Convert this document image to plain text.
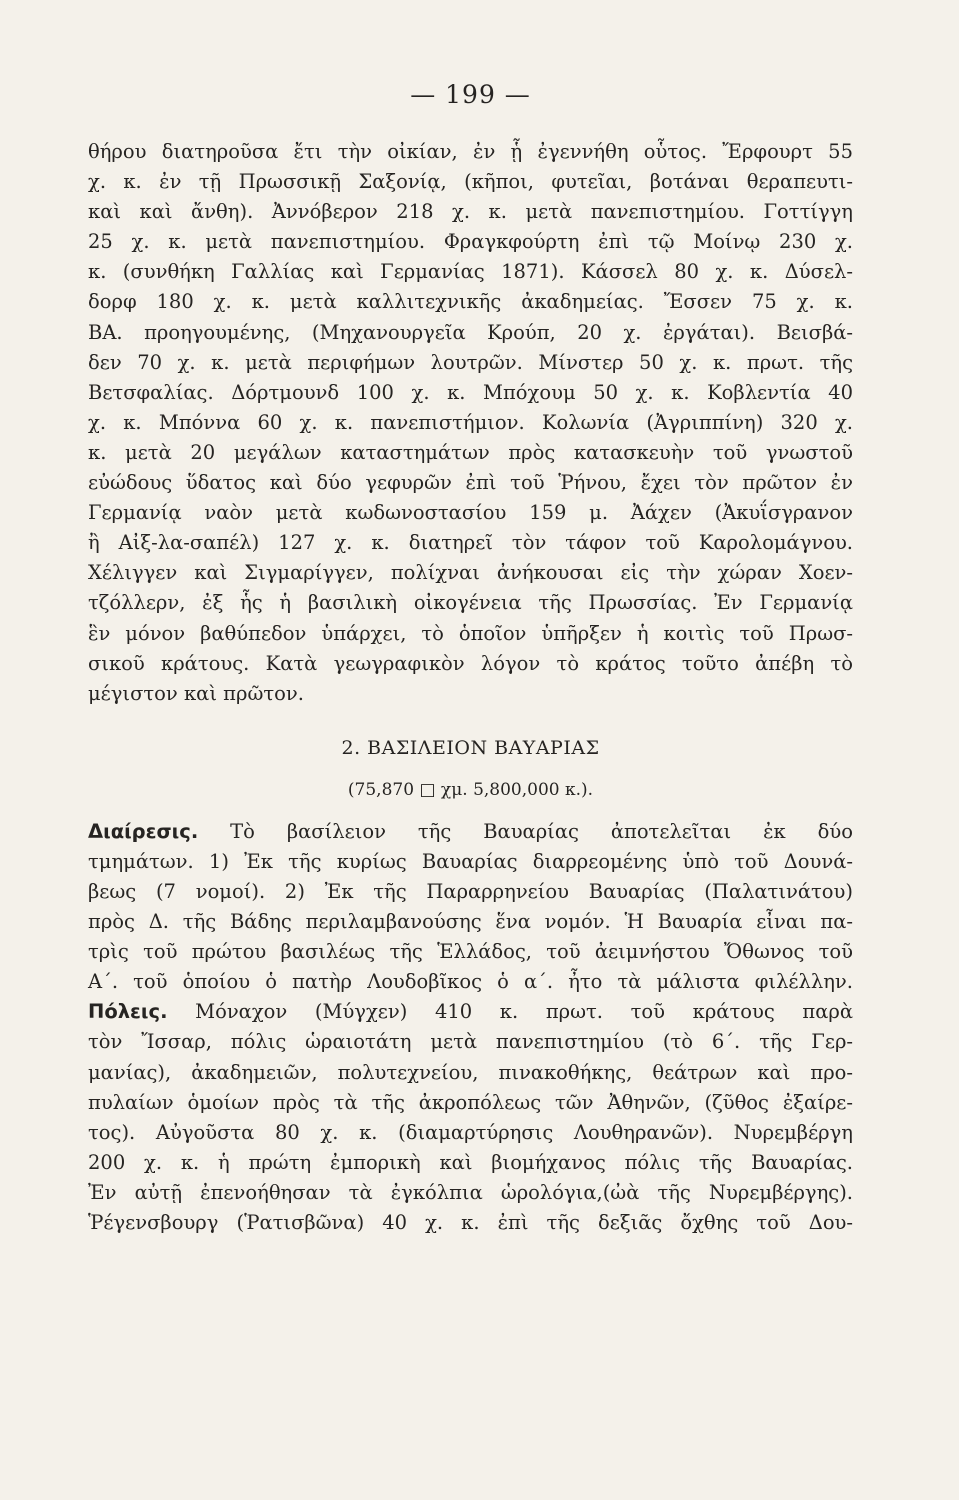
— 199 —
θήρου διατηροῦσα ἔτι τὴν οἰκίαν, ἐν ᾗ ἐγεννήθη οὗτος. Ἔρφουρτ 55
χ. κ. ἐν τῇ Πρωσσικῇ Σαξονίᾳ, (κῆποι, φυτεῖαι, βοτάναι θεραπευτι-
καὶ καὶ ἄνθη). Ἀννόβερον 218 χ. κ. μετὰ πανεπιστημίου. Γοττίγγη
25 χ. κ. μετὰ πανεπιστημίου. Φραγκφούρτη ἐπὶ τῷ Μοίνῳ 230 χ.
κ. (συνθήκη Γαλλίας καὶ Γερμανίας 1871). Κάσσελ 80 χ. κ. Δύσελ-
δορφ 180 χ. κ. μετὰ καλλιτεχνικῆς ἀκαδημείας. Ἔσσεν 75 χ. κ.
ΒΑ. προηγουμένης, (Μηχανουργεῖα Κρούπ, 20 χ. ἐργάται). Βεισβά-
δεν 70 χ. κ. μετὰ περιφήμων λουτρῶν. Μίνστερ 50 χ. κ. πρωτ. τῆς
Βετσφαλίας. Δόρτμουνδ 100 χ. κ. Μπόχουμ 50 χ. κ. Κοβλεντία 40
χ. κ. Μπόννα 60 χ. κ. πανεπιστήμιον. Κολωνία (Ἀγριππίνη) 320 χ.
κ. μετὰ 20 μεγάλων καταστημάτων πρὸς κατασκευὴν τοῦ γνωστοῦ
εὐώδους ὕδατος καὶ δύο γεφυρῶν ἐπὶ τοῦ Ῥήνου, ἔχει τὸν πρῶτον ἐν
Γερμανίᾳ ναὸν μετὰ κωδωνοστασίου 159 μ. Ἀάχεν (Ἀκυΐσγρανον
ἢ Αἰξ-λα-σαπέλ) 127 χ. κ. διατηρεῖ τὸν τάφον τοῦ Καρολομάγνου.
Χέλιγγεν καὶ Σιγμαρίγγεν, πολίχναι ἀνήκουσαι εἰς τὴν χώραν Χοεν-
τζόλλερν, ἐξ ἧς ἡ βασιλικὴ οἰκογένεια τῆς Πρωσσίας. Ἐν Γερμανίᾳ
ἓν μόνον βαθύπεδον ὑπάρχει, τὸ ὁποῖον ὑπῆρξεν ἡ κοιτὶς τοῦ Πρωσ-
σικοῦ κράτους. Κατὰ γεωγραφικὸν λόγον τὸ κράτος τοῦτο ἀπέβη τὸ
μέγιστον καὶ πρῶτον.
2. ΒΑΣΙΛΕΙΟΝ ΒΑΥΑΡΙΑΣ
(75,870 □ χμ. 5,800,000 κ.).
Διαίρεσις. Τὸ βασίλειον τῆς Βαυαρίας ἀποτελεῖται ἐκ δύο
τμημάτων. 1) Ἐκ τῆς κυρίως Βαυαρίας διαρρεομένης ὑπὸ τοῦ Δουνά-
βεως (7 νομοί). 2) Ἐκ τῆς Παραρρηνείου Βαυαρίας (Παλατινάτου)
πρὸς Δ. τῆς Βάδης περιλαμβανούσης ἕνα νομόν. Ἡ Βαυαρία εἶναι πα-
τρὶς τοῦ πρώτου βασιλέως τῆς Ἑλλάδος, τοῦ ἀειμνήστου Ὄθωνος τοῦ
Α΄. τοῦ ὁποίου ὁ πατὴρ Λουδοβῖκος ὁ α΄. ἦτο τὰ μάλιστα φιλέλλην.
Πόλεις. Μόναχον (Μύγχεν) 410 κ. πρωτ. τοῦ κράτους παρὰ
τὸν Ἴσσαρ, πόλις ὡραιοτάτη μετὰ πανεπιστημίου (τὸ 6΄. τῆς Γερ-
μανίας), ἀκαδημειῶν, πολυτεχνείου, πινακοθήκης, θεάτρων καὶ προ-
πυλαίων ὁμοίων πρὸς τὰ τῆς ἀκροπόλεως τῶν Ἀθηνῶν, (ζῦθος ἐξαίρε-
τος). Αὐγοῦστα 80 χ. κ. (διαμαρτύρησις Λουθηρανῶν). Νυρεμβέργη
200 χ. κ. ἡ πρώτη ἐμπορικὴ καὶ βιομήχανος πόλις τῆς Βαυαρίας.
Ἐν αὐτῇ ἐπενοήθησαν τὰ ἐγκόλπια ὡρολόγια,(ὠὰ τῆς Νυρεμβέργης).
Ῥέγενσβουργ (Ῥατισβῶνα) 40 χ. κ. ἐπὶ τῆς δεξιᾶς ὄχθης τοῦ Δου-
